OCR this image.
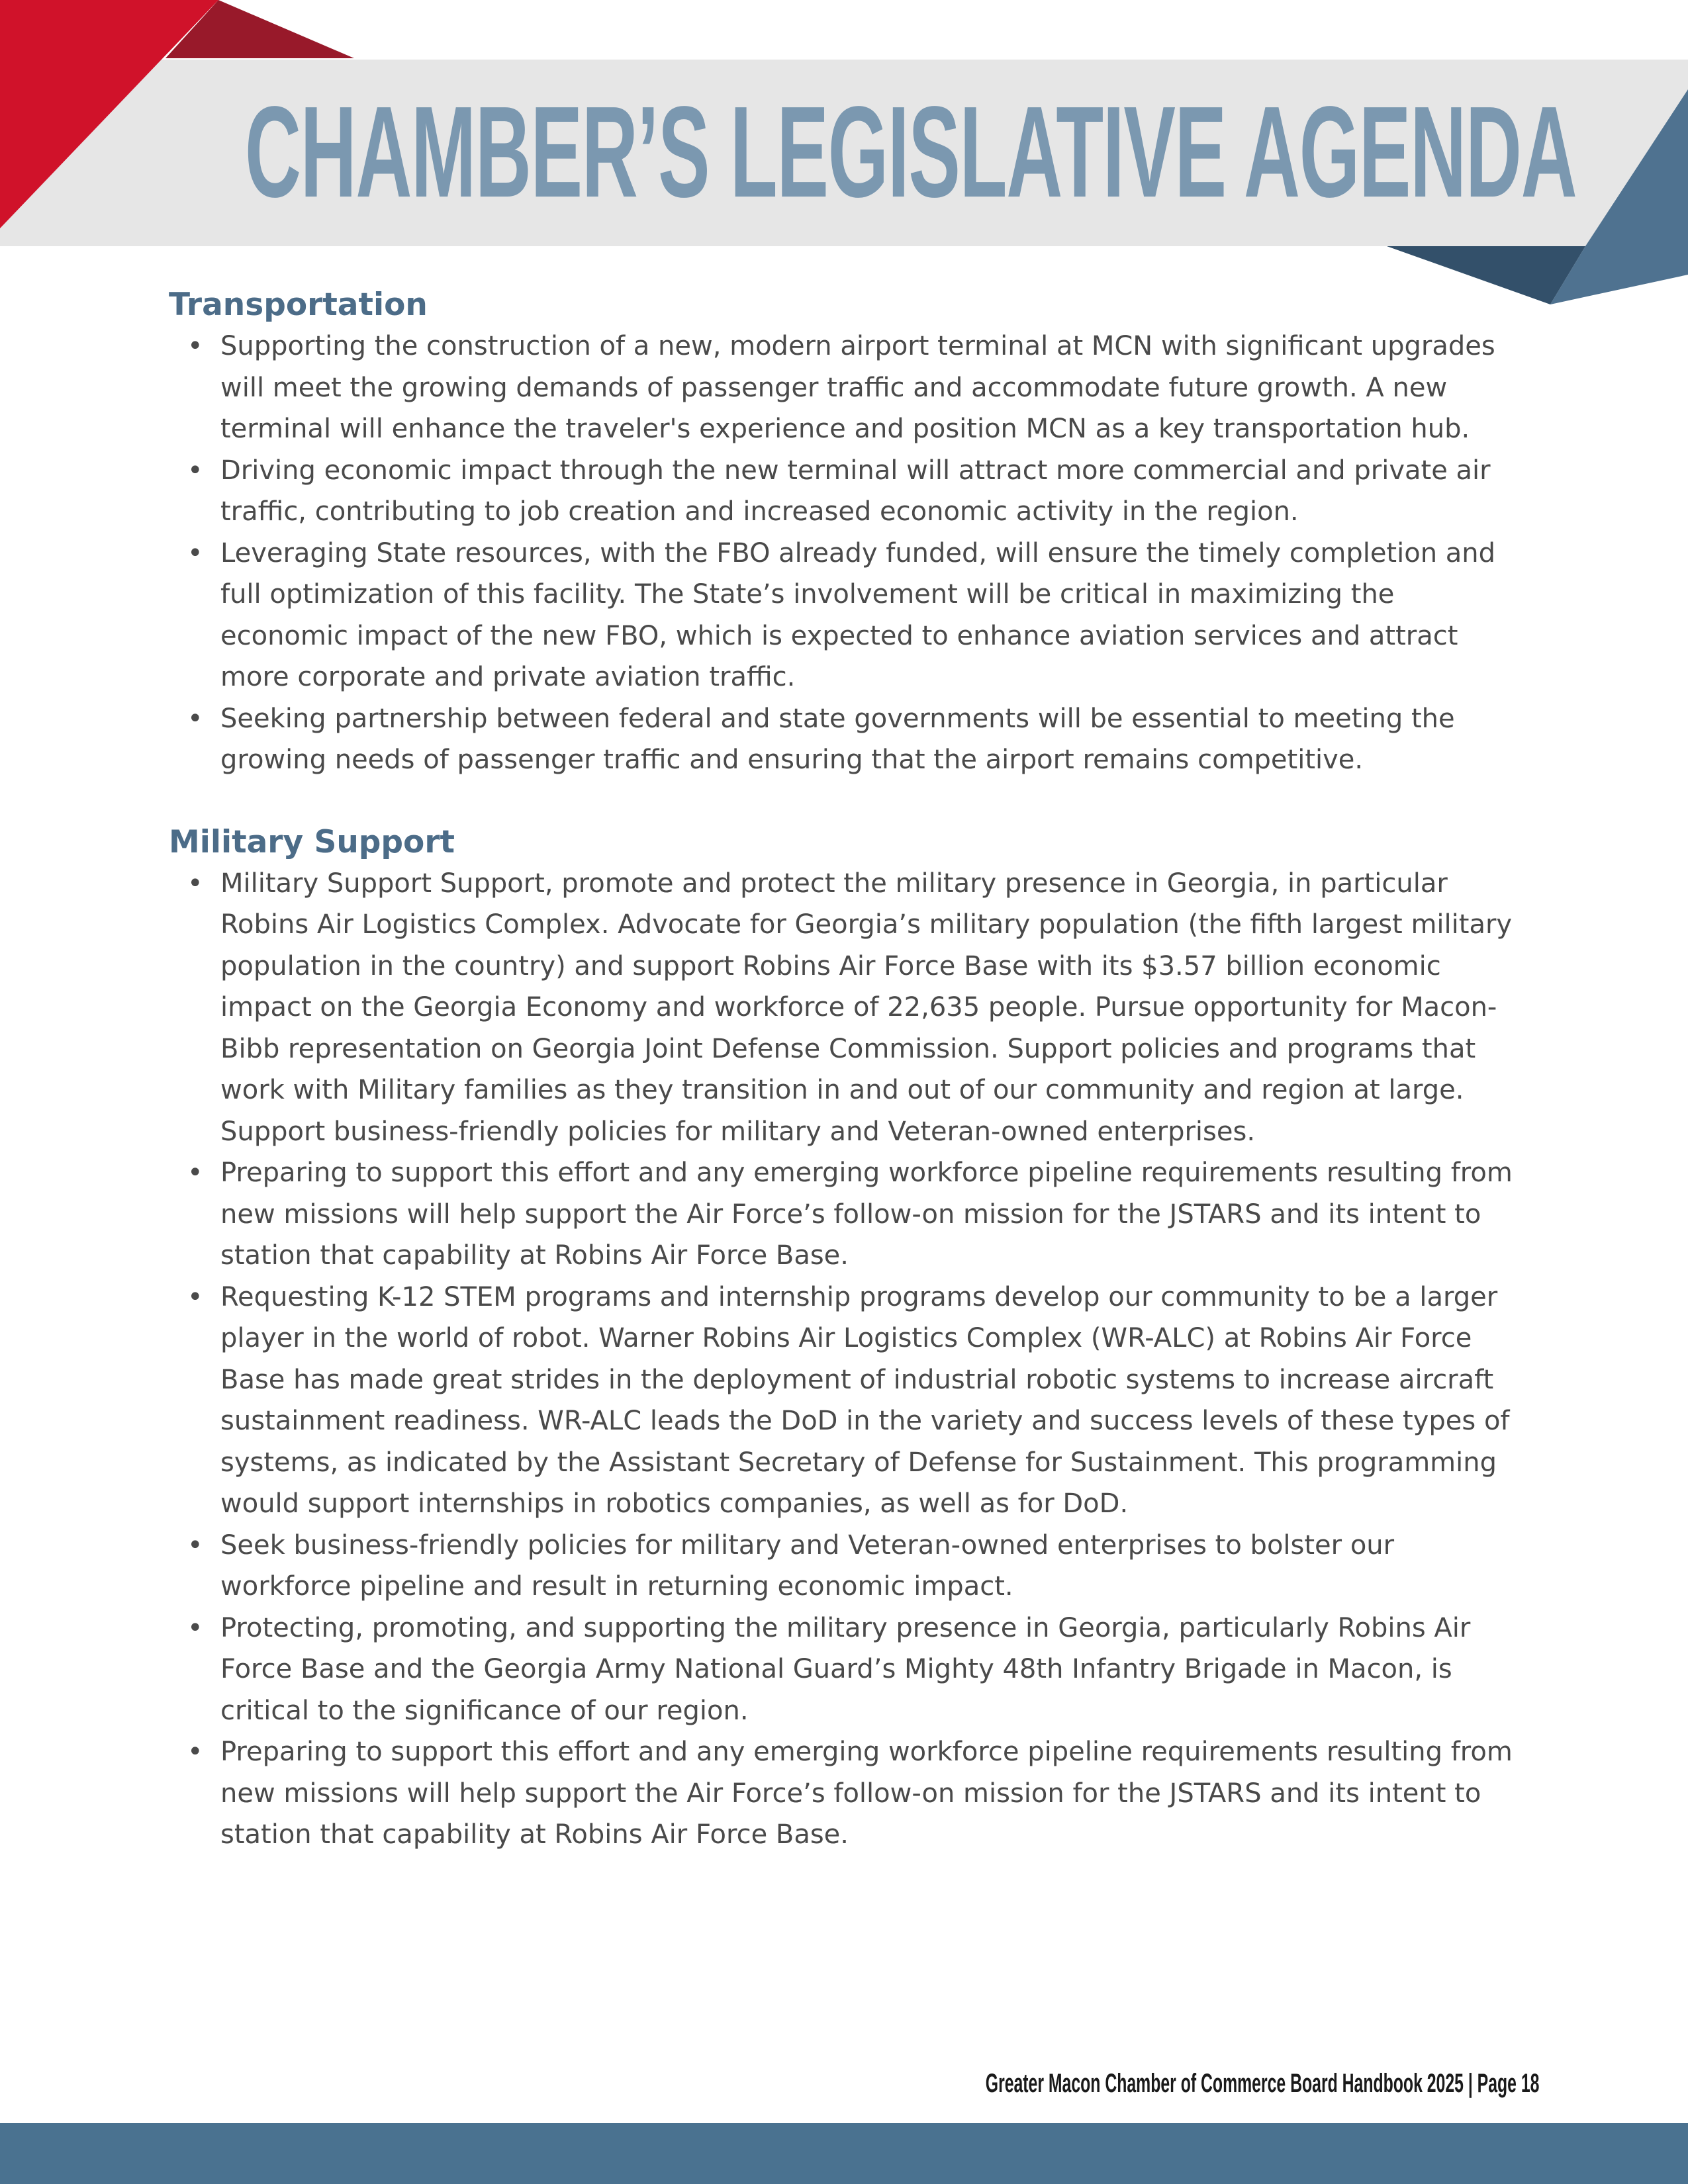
CHAMBER’S LEGISLATIVE AGENDA
Transportation
• Supporting the construction of a new, modern airport terminal at MCN with significant upgrades will meet the growing demands of passenger traffic and accommodate future growth. A new terminal will enhance the traveler's experience and position MCN as a key transportation hub.
• Driving economic impact through the new terminal will attract more commercial and private air traffic, contributing to job creation and increased economic activity in the region.
• Leveraging State resources, with the FBO already funded, will ensure the timely completion and full optimization of this facility. The State’s involvement will be critical in maximizing the economic impact of the new FBO, which is expected to enhance aviation services and attract more corporate and private aviation traffic.
• Seeking partnership between federal and state governments will be essential to meeting the growing needs of passenger traffic and ensuring that the airport remains competitive.
Military Support
• Military Support Support, promote and protect the military presence in Georgia, in particular Robins Air Logistics Complex. Advocate for Georgia’s military population (the fifth largest military population in the country) and support Robins Air Force Base with its $3.57 billion economic impact on the Georgia Economy and workforce of 22,635 people. Pursue opportunity for Macon-Bibb representation on Georgia Joint Defense Commission. Support policies and programs that work with Military families as they transition in and out of our community and region at large. Support business-friendly policies for military and Veteran-owned enterprises.
• Preparing to support this effort and any emerging workforce pipeline requirements resulting from new missions will help support the Air Force’s follow-on mission for the JSTARS and its intent to station that capability at Robins Air Force Base.
• Requesting K-12 STEM programs and internship programs develop our community to be a larger player in the world of robot. Warner Robins Air Logistics Complex (WR-ALC) at Robins Air Force Base has made great strides in the deployment of industrial robotic systems to increase aircraft sustainment readiness. WR-ALC leads the DoD in the variety and success levels of these types of systems, as indicated by the Assistant Secretary of Defense for Sustainment. This programming would support internships in robotics companies, as well as for DoD.
• Seek business-friendly policies for military and Veteran-owned enterprises to bolster our workforce pipeline and result in returning economic impact.
• Protecting, promoting, and supporting the military presence in Georgia, particularly Robins Air Force Base and the Georgia Army National Guard’s Mighty 48th Infantry Brigade in Macon, is critical to the significance of our region.
• Preparing to support this effort and any emerging workforce pipeline requirements resulting from new missions will help support the Air Force’s follow-on mission for the JSTARS and its intent to station that capability at Robins Air Force Base.

Greater Macon Chamber of Commerce Board Handbook 2025 | Page 18
